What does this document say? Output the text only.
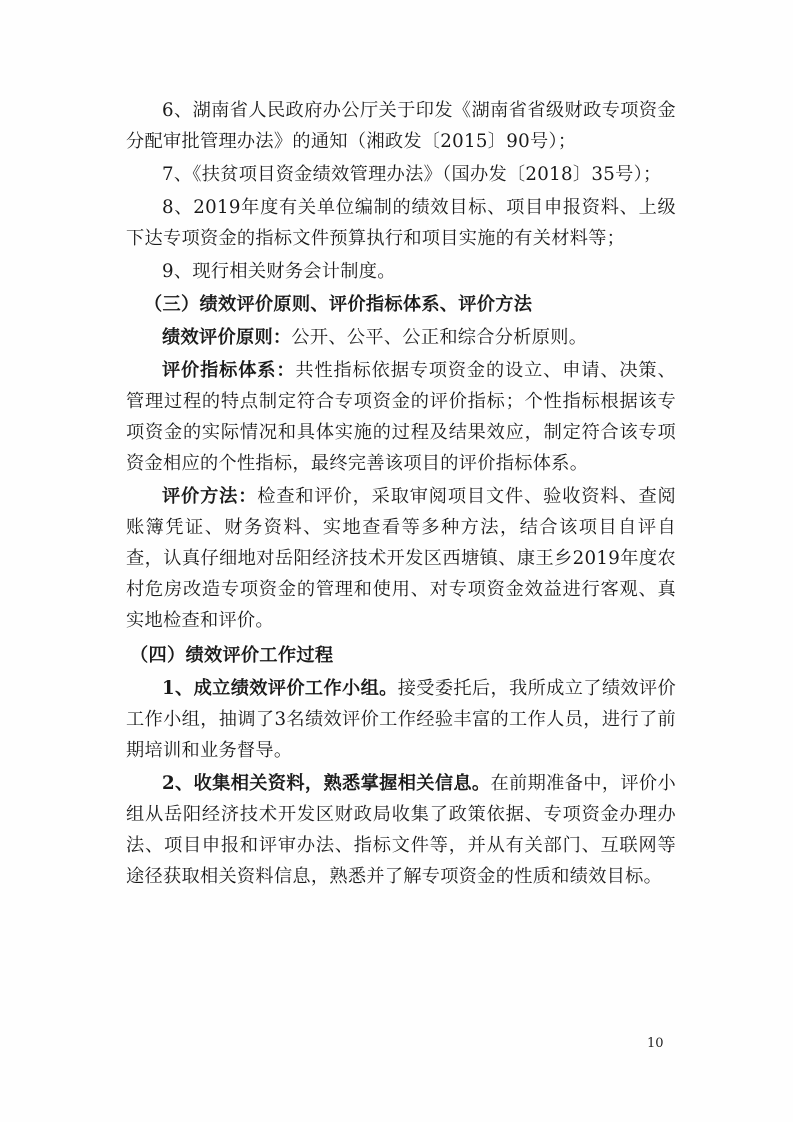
6、湖南省人民政府办公厅关于印发《湖南省省级财政专项资金分配审批管理办法》的通知（湘政发〔2015〕90号）；

7、《扶贫项目资金绩效管理办法》（国办发〔2018〕35号）；

8、2019年度有关单位编制的绩效目标、项目申报资料、上级下达专项资金的指标文件预算执行和项目实施的有关材料等；

9、现行相关财务会计制度。

（三）绩效评价原则、评价指标体系、评价方法

绩效评价原则：公开、公平、公正和综合分析原则。

评价指标体系：共性指标依据专项资金的设立、申请、决策、管理过程的特点制定符合专项资金的评价指标；个性指标根据该专项资金的实际情况和具体实施的过程及结果效应，制定符合该专项资金相应的个性指标，最终完善该项目的评价指标体系。

评价方法：检查和评价，采取审阅项目文件、验收资料、查阅账簿凭证、财务资料、实地查看等多种方法，结合该项目自评自查，认真仔细地对岳阳经济技术开发区西塘镇、康王乡2019年度农村危房改造专项资金的管理和使用、对专项资金效益进行客观、真实地检查和评价。

（四）绩效评价工作过程

1、成立绩效评价工作小组。接受委托后，我所成立了绩效评价工作小组，抽调了3名绩效评价工作经验丰富的工作人员，进行了前期培训和业务督导。

2、收集相关资料，熟悉掌握相关信息。在前期准备中，评价小组从岳阳经济技术开发区财政局收集了政策依据、专项资金办理办法、项目申报和评审办法、指标文件等，并从有关部门、互联网等途径获取相关资料信息，熟悉并了解专项资金的性质和绩效目标。

10
